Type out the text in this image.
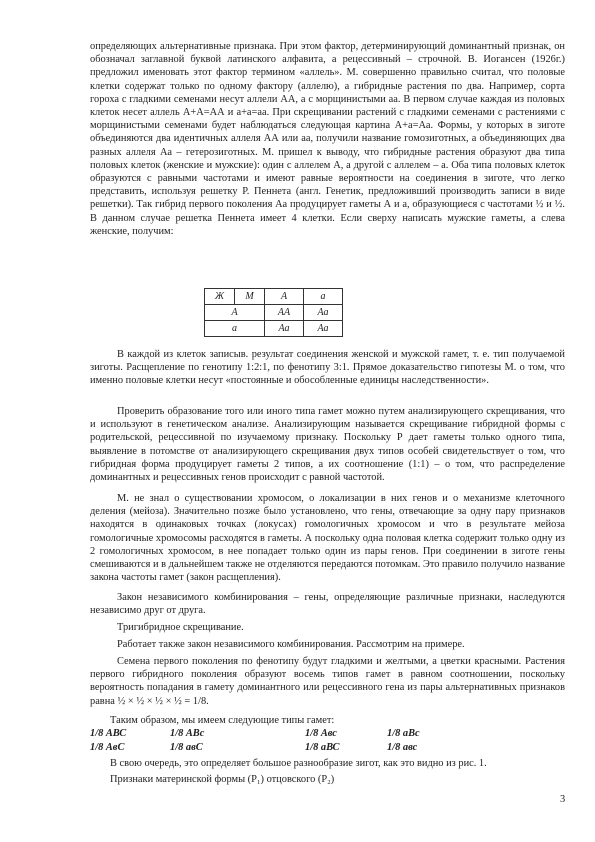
определяющих альтернативные признака. При этом фактор, детерминирующий доминантный признак, он обозначал заглавной буквой латинского алфавита, а рецессивный – строчной. В. Иогансен (1926г.) предложил именовать этот фактор термином «аллель». М. совершенно правильно считал, что половые клетки содержат только по одному фактору (аллелю), а гибридные растения по два. Например, сорта гороха с гладкими семенами несут аллели АА, а с морщинистыми аа. В первом случае каждая из половых клеток несет аллель А+А=АА и а+а=аа. При скрещивании растений с гладкими семенами с растениями с морщинистыми семенами будет наблюдаться следующая картина А+а=Аа. Формы, у которых в зиготе объединяются два идентичных аллеля АА или аа, получили название гомозиготных, а объединяющих два разных аллеля Аа – гетерозиготных. М. пришел к выводу, что гибридные растения образуют два типа половых клеток (женские и мужские): один с аллелем А, а другой с аллелем – а. Оба типа половых клеток образуются с равными частотами и имеют равные вероятности на соединения в зиготе, что легко представить, используя решетку Р. Пеннета (англ. Генетик, предложивший производить записи в виде решетки). Так гибрид первого поколения Аа продуцирует гаметы А и а, образующиеся с частотами ½ и ½. В данном случае решетка Пеннета имеет 4 клетки. Если сверху написать мужские гаметы, а слева женские, получим:

Ж	М	А	а
А		АА	Аа
а		Аа	Аа

В каждой из клеток записыв. результат соединения женской и мужской гамет, т. е. тип получаемой зиготы. Расщепление по генотипу 1:2:1, по фенотипу 3:1. Прямое доказательство гипотезы М. о том, что именно половые клетки несут «постоянные и обособленные единицы наследственности».

Проверить образование того или иного типа гамет можно путем анализирующего скрещивания, что и используют в генетическом анализе. Анализирующим называется скрещивание гибридной формы с родительской, рецессивной по изучаемому признаку. Поскольку Р дает гаметы только одного типа, выявление в потомстве от анализирующего скрещивания двух типов особей свидетельствует о том, что гибридная форма продуцирует гаметы 2 типов, а их соотношение (1:1) – о том, что распределение доминантных и рецессивных генов происходит с равной частотой.

М. не знал о существовании хромосом, о локализации в них генов и о механизме клеточного деления (мейоза). Значительно позже было установлено, что гены, отвечающие за одну пару признаков находятся в одинаковых точках (локусах) гомологичных хромосом и что в результате мейоза гомологичные хромосомы расходятся в гаметы. А поскольку одна половая клетка содержит только одну из 2 гомологичных хромосом, в нее попадает только один из пары генов. При соединении в зиготе гены смешиваются и в дальнейшем также не отделяются передаются потомкам. Это правило получило название закона частоты гамет (закон расщепления).

Закон независимого комбинирования – гены, определяющие различные признаки, наследуются независимо друг от друга.

Тригибридное скрещивание.

Работает также закон независимого комбинирования. Рассмотрим на примере.

Семена первого поколения по фенотипу будут гладкими и желтыми, а цветки красными. Растения первого гибридного поколения образуют восемь типов гамет в равном соотношении, поскольку вероятность попадания в гамету доминантного или рецессивного гена из пары альтернативных признаков равна ½ × ½ × ½ × ½ = 1/8.

Таким образом, мы имеем следующие типы гамет:
1/8 АВС	1/8 АВс	1/8 Авс	1/8 аВс
1/8 АвС	1/8 авС	1/8 аВС	1/8 авс
В свою очередь, это определяет большое разнообразие зигот, как это видно из рис. 1.
Признаки материнской формы (Р₁) отцовского (Р₂)
3
